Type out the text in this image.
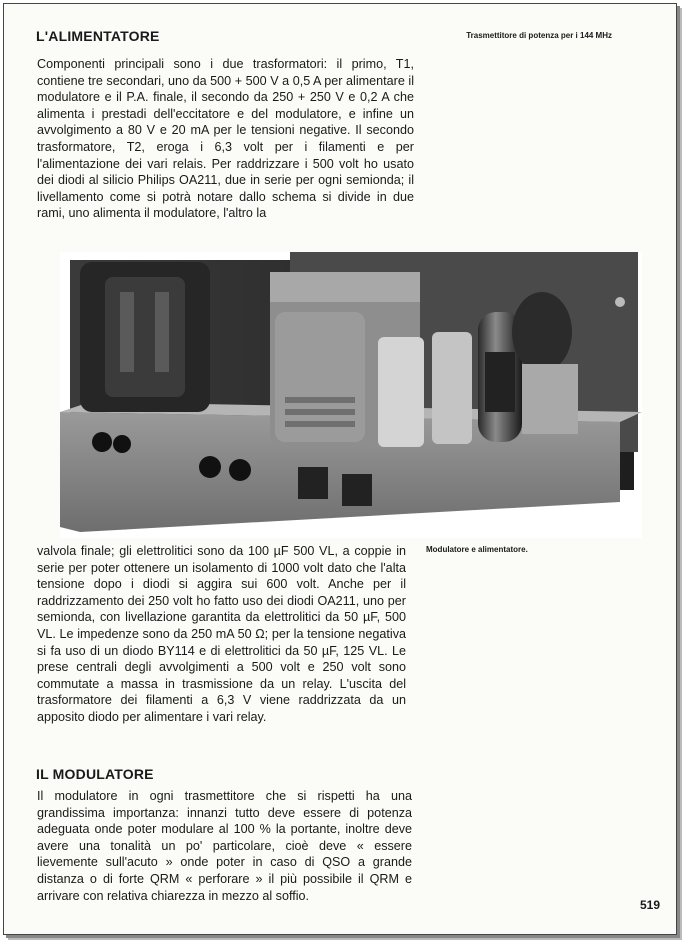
L'ALIMENTATORE	Trasmettitore di potenza per i 144 MHz
Componenti principali sono i due trasformatori: il primo, T1, contiene tre secondari, uno da 500 + 500 V a 0,5 A per alimentare il modulatore e il P.A. finale, il secondo da 250 + 250 V e 0,2 A che alimenta i prestadi dell'eccitatore e del modulatore, e infine un avvolgimento a 80 V e 20 mA per le tensioni negative. Il secondo trasformatore, T2, eroga i 6,3 volt per i filamenti e per l'alimentazione dei vari relais. Per raddrizzare i 500 volt ho usato dei diodi al silicio Philips OA211, due in serie per ogni semionda; il livellamento come si potrà notare dallo schema si divide in due rami, uno alimenta il modulatore, l'altro la
valvola finale; gli elettrolitici sono da 100 µF 500 VL, a coppie in serie per poter ottenere un isolamento di 1000 volt dato che l'alta tensione dopo i diodi si aggira sui 600 volt. Anche per il raddrizzamento dei 250 volt ho fatto uso dei diodi OA211, uno per semionda, con livellazione garantita da elettrolitici da 50 µF, 500 VL. Le impedenze sono da 250 mA 50 Ω; per la tensione negativa si fa uso di un diodo BY114 e di elettrolitici da 50 µF, 125 VL. Le prese centrali degli avvolgimenti a 500 volt e 250 volt sono commutate a massa in trasmissione da un relay. L'uscita del trasformatore dei filamenti a 6,3 V viene raddrizzata da un apposito diodo per alimentare i vari relay.
Modulatore e alimentatore.
IL MODULATORE
Il modulatore in ogni trasmettitore che si rispetti ha una grandissima importanza: innanzi tutto deve essere di potenza adeguata onde poter modulare al 100 % la portante, inoltre deve avere una tonalità un po' particolare, cioè deve « essere lievemente sull'acuto » onde poter in caso di QSO a grande distanza o di forte QRM « perforare » il più possibile il QRM e arrivare con relativa chiarezza in mezzo al soffio.
519
